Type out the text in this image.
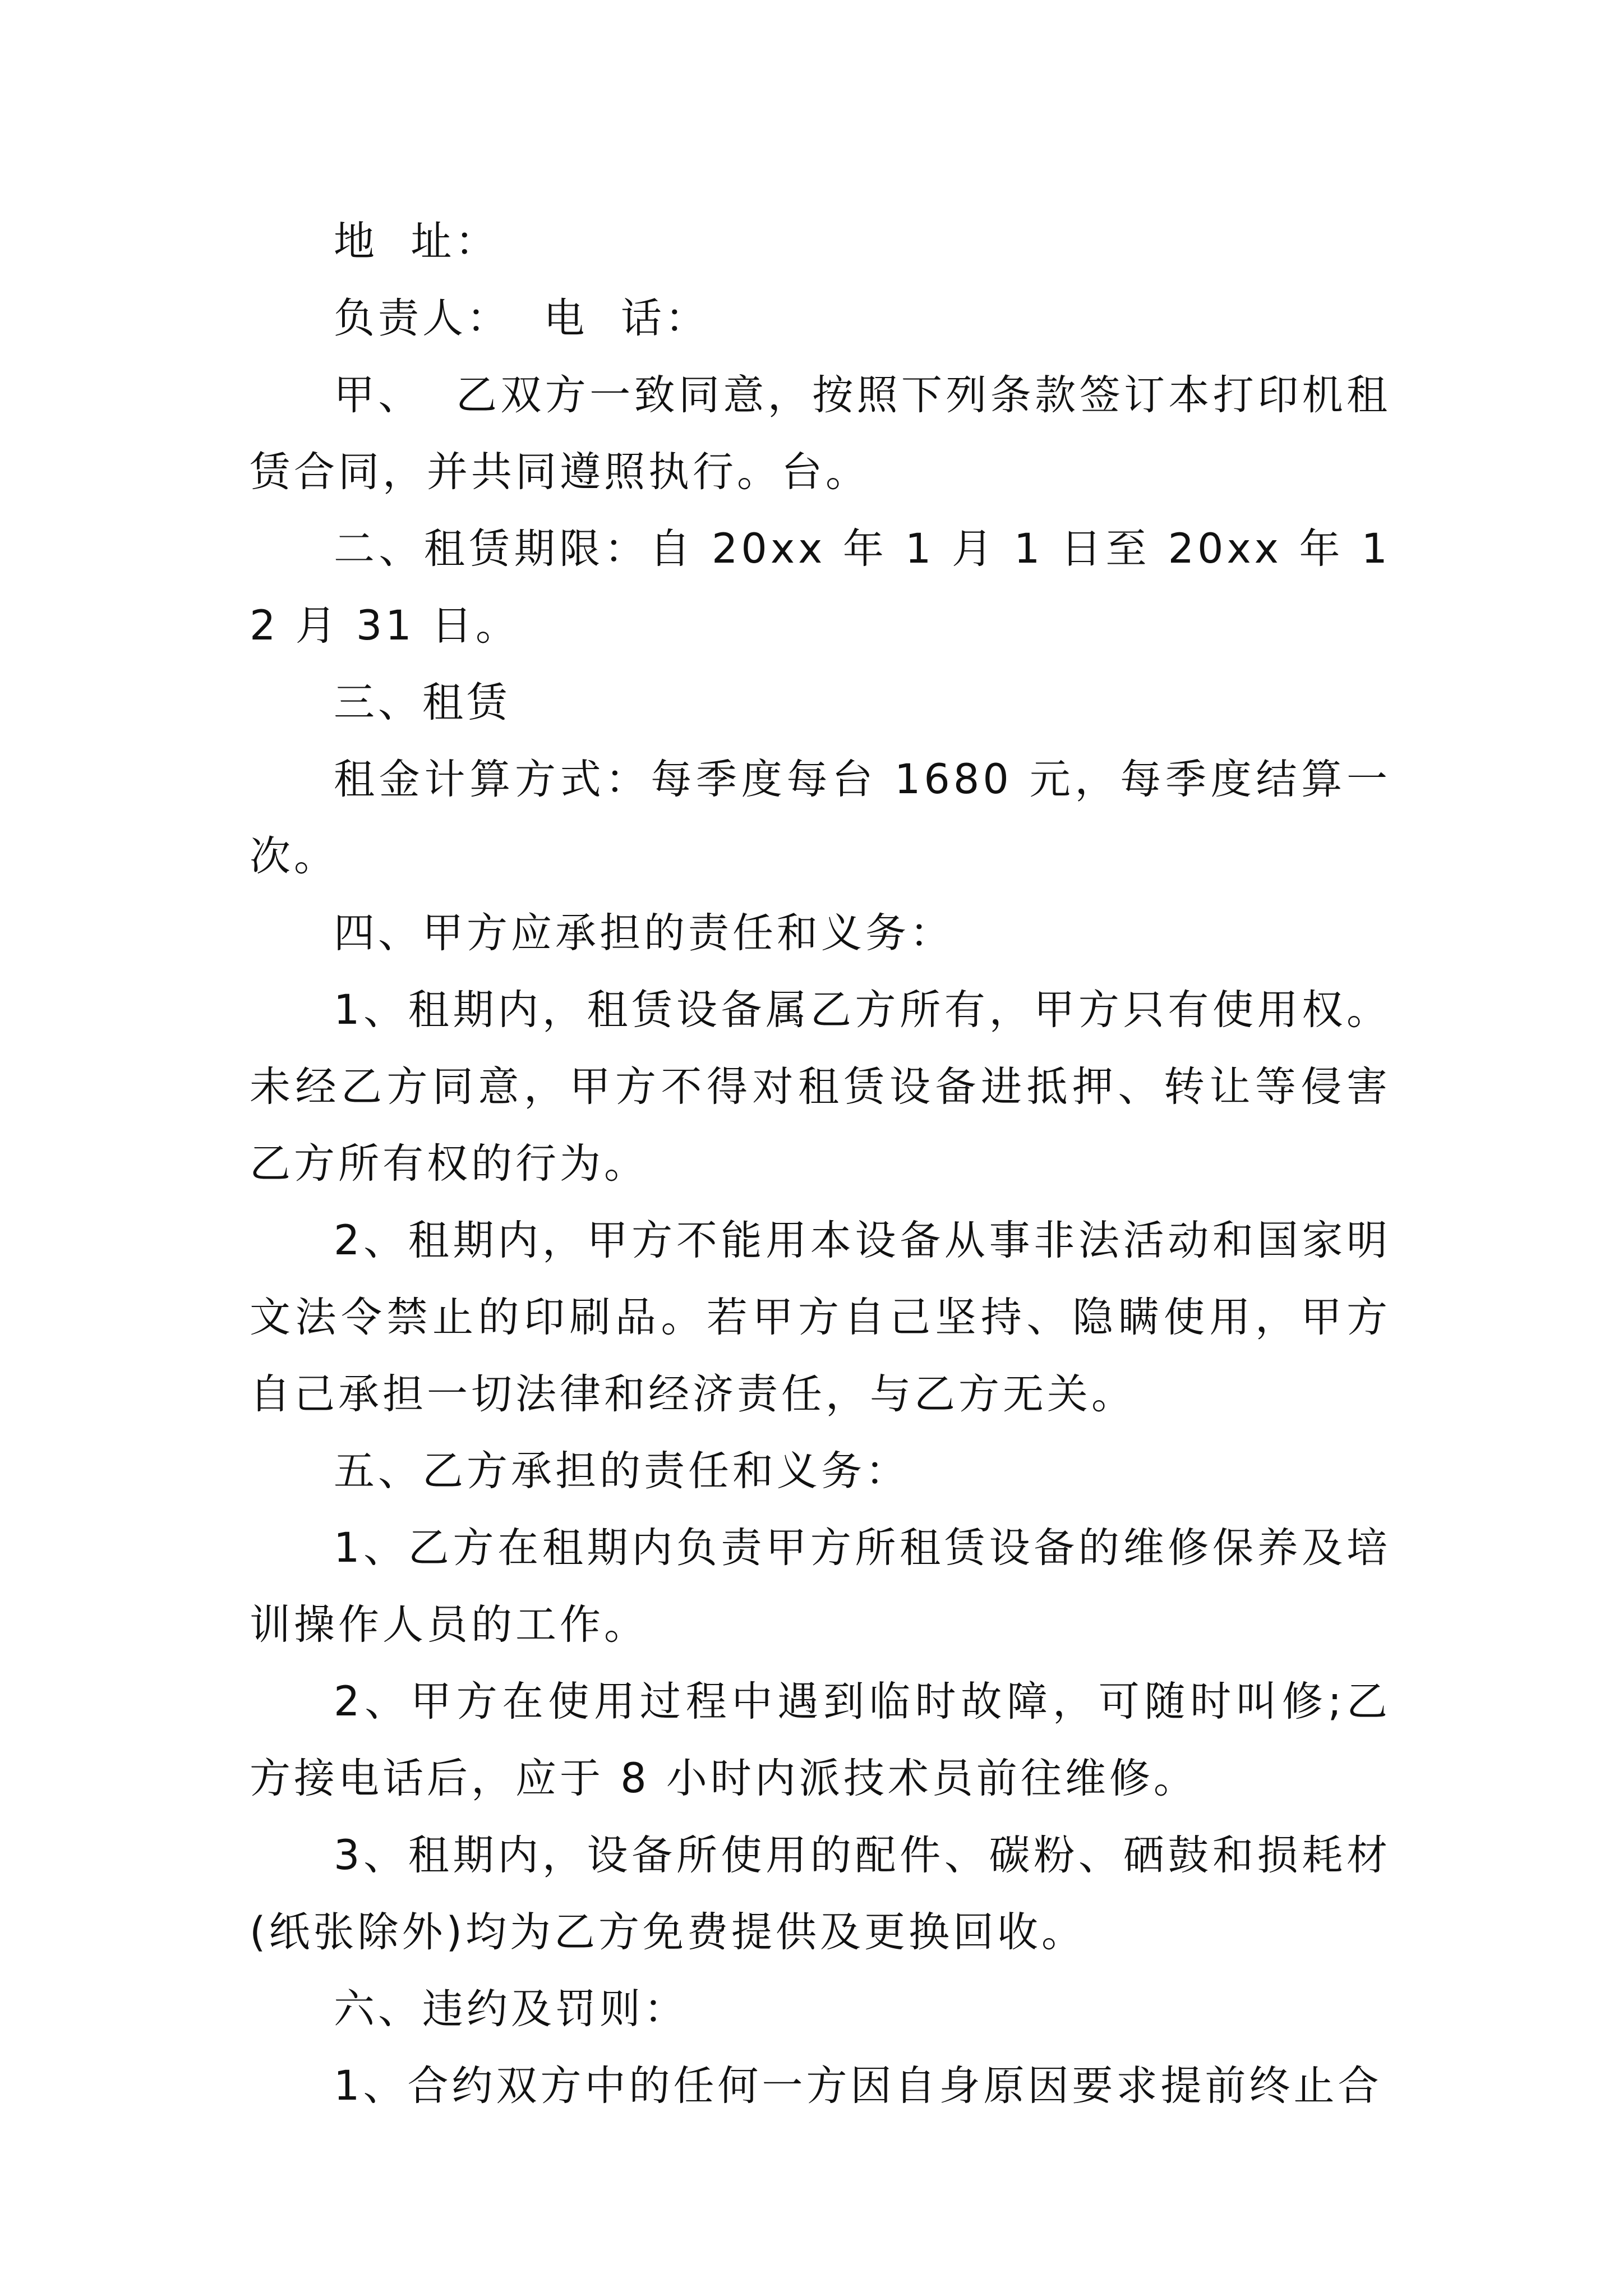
地  址：

负责人：  电  话：

甲、  乙双方一致同意，按照下列条款签订本打印机租赁合同，并共同遵照执行。台。

二、租赁期限：自 20xx 年 1 月 1 日至 20xx 年 12 月 31 日。

三、租赁

租金计算方式：每季度每台 1680 元，每季度结算一次。

四、甲方应承担的责任和义务：

1、租期内，租赁设备属乙方所有，甲方只有使用权。未经乙方同意，甲方不得对租赁设备进抵押、转让等侵害乙方所有权的行为。

2、租期内，甲方不能用本设备从事非法活动和国家明文法令禁止的印刷品。若甲方自己坚持、隐瞒使用，甲方自己承担一切法律和经济责任，与乙方无关。

五、乙方承担的责任和义务：

1、乙方在租期内负责甲方所租赁设备的维修保养及培训操作人员的工作。

2、甲方在使用过程中遇到临时故障，可随时叫修;乙方接电话后，应于 8 小时内派技术员前往维修。

3、租期内，设备所使用的配件、碳粉、硒鼓和损耗材(纸张除外)均为乙方免费提供及更换回收。

六、违约及罚则：

1、合约双方中的任何一方因自身原因要求提前终止合
